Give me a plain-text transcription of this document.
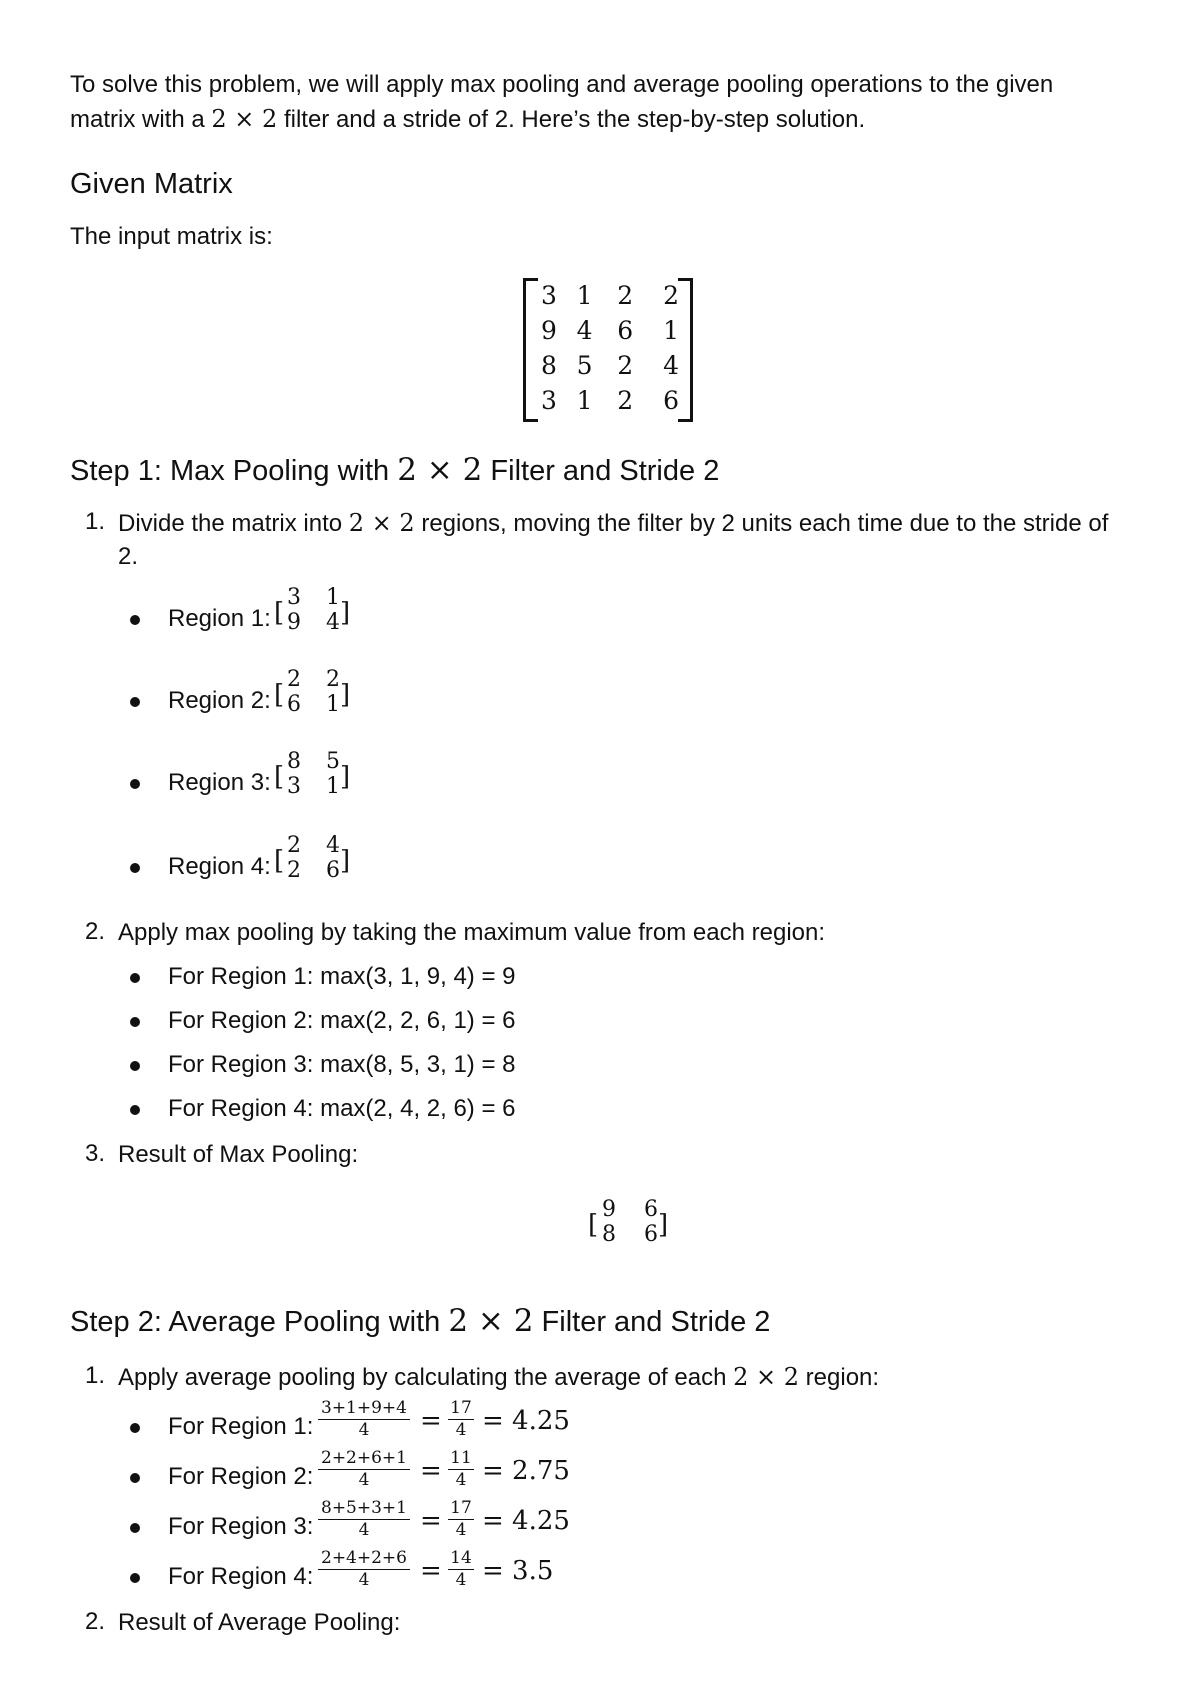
To solve this problem, we will apply max pooling and average pooling operations to the given
matrix with a 2 × 2 filter and a stride of 2. Here’s the step-by-step solution.
Given Matrix
The input matrix is:
3 1 2	2
9 4 6	1
8 5 2	4
3 1 2	6
Step 1: Max Pooling with 2 × 2 Filter and Stride 2
1. Divide the matrix into 2 × 2 regions, moving the filter by 2 units each time due to the stride of
2.
Region 1: [
3 1
9 4 ]
Region 2: [
2 2
6 1 ]
Region 3: [
8 5
3 1 ]
Region 4: [
2 4
2 6 ]
2. Apply max pooling by taking the maximum value from each region:
For Region 1: max(3, 1, 9, 4) = 9
For Region 2: max(2, 2, 6, 1) = 6
For Region 3: max(8, 5, 3, 1) = 8
For Region 4: max(2, 4, 2, 6) = 6
3. Result of Max Pooling:
[
9 6
8 6 ]
Step 2: Average Pooling with 2 × 2 Filter and Stride 2
1. Apply average pooling by calculating the average of each 2 × 2 region:
For Region 1:
3+1+9+4
4	= 17
4 = 4.25
For Region 2:
2+2+6+1
4	= 11
4 = 2.75
For Region 3:
8+5+3+1
4	= 17
4 = 4.25
For Region 4:
2+4+2+6
4	= 14
4 = 3.5
2. Result of Average Pooling:
